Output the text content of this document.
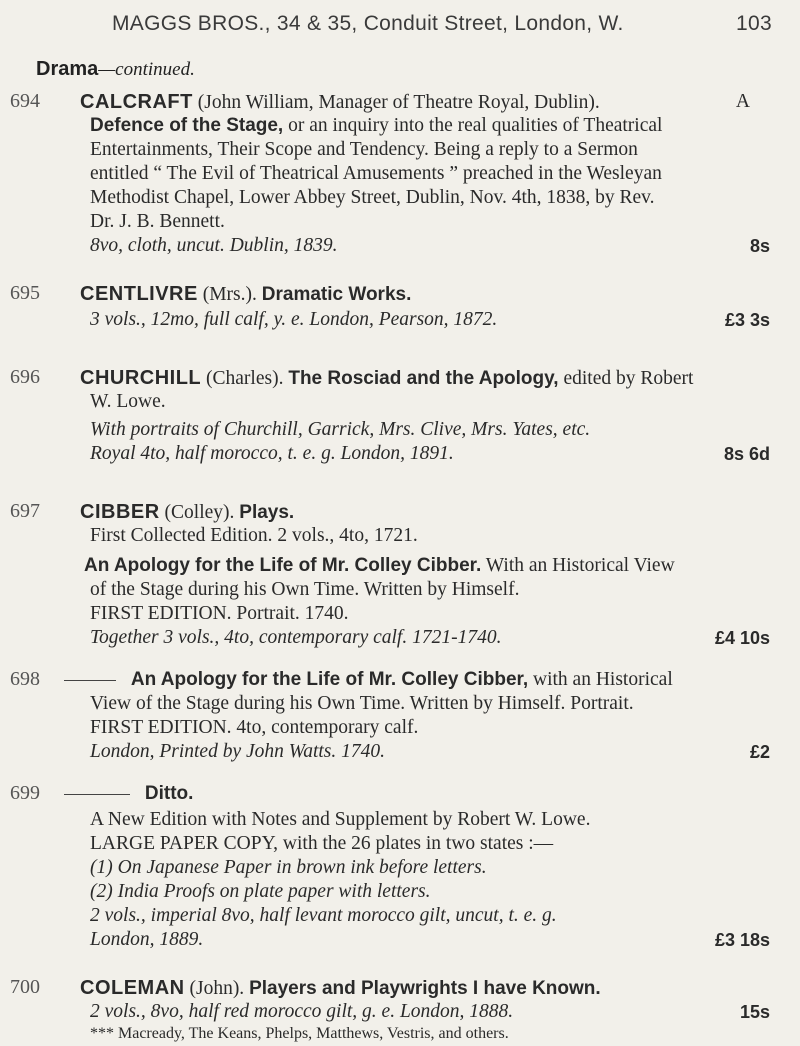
MAGGS BROS., 34 & 35, Conduit Street, London, W.	103
Drama—continued.
694 CALCRAFT (John William, Manager of Theatre Royal, Dublin).	A
Defence of the Stage, or an inquiry into the real qualities of Theatrical
Entertainments, Their Scope and Tendency. Being a reply to a Sermon
entitled “ The Evil of Theatrical Amusements ” preached in the Wesleyan
Methodist Chapel, Lower Abbey Street, Dublin, Nov. 4th, 1838, by Rev.
Dr. J. B. Bennett.
8vo, cloth, uncut. Dublin, 1839.	8s
695 CENTLIVRE (Mrs.). Dramatic Works.
3 vols., 12mo, full calf, y. e. London, Pearson, 1872.	£3 3s
696 CHURCHILL (Charles). The Rosciad and the Apology, edited by Robert
W. Lowe.
With portraits of Churchill, Garrick, Mrs. Clive, Mrs. Yates, etc.
Royal 4to, half morocco, t. e. g. London, 1891.	8s 6d
697 CIBBER (Colley). Plays.
First Collected Edition. 2 vols., 4to, 1721.
An Apology for the Life of Mr. Colley Cibber. With an Historical View
of the Stage during his Own Time. Written by Himself.
FIRST EDITION. Portrait. 1740.
Together 3 vols., 4to, contemporary calf. 1721-1740.	£4 10s
698	An Apology for the Life of Mr. Colley Cibber, with an Historical
View of the Stage during his Own Time. Written by Himself. Portrait.
FIRST EDITION. 4to, contemporary calf.
London, Printed by John Watts. 1740.	£2
699	Ditto.
A New Edition with Notes and Supplement by Robert W. Lowe.
LARGE PAPER COPY, with the 26 plates in two states :—
(1) On Japanese Paper in brown ink before letters.
(2) India Proofs on plate paper with letters.
2 vols., imperial 8vo, half levant morocco gilt, uncut, t. e. g.
London, 1889.	£3 18s
700 COLEMAN (John). Players and Playwrights I have Known.
2 vols., 8vo, half red morocco gilt, g. e. London, 1888.	15s
*** Macready, The Keans, Phelps, Matthews, Vestris, and others.
